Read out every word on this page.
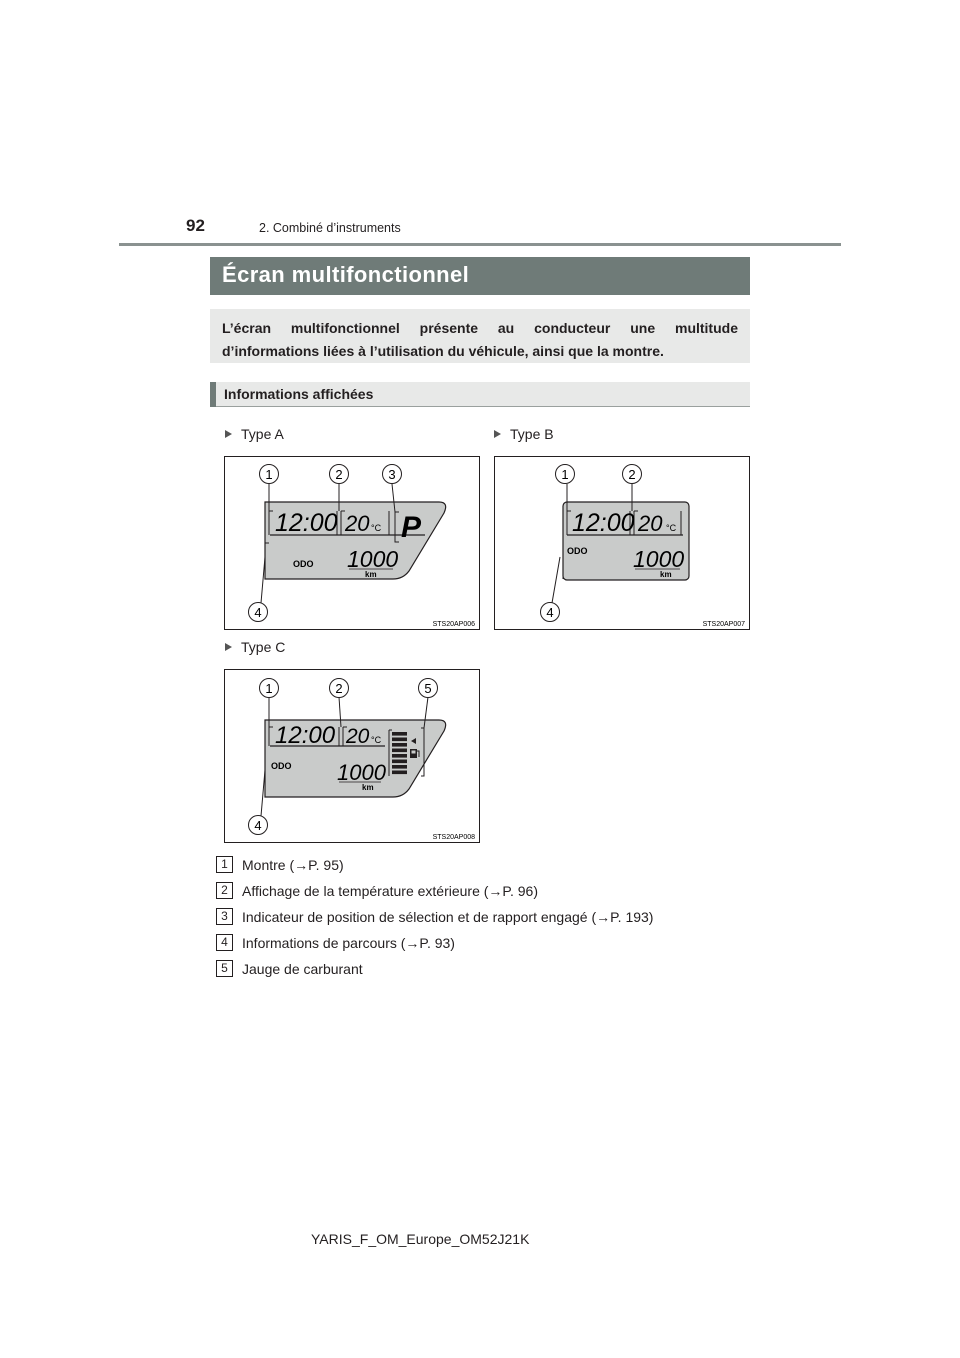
92	2. Combiné d’instruments
Écran multifonctionnel
L’écran multifonctionnel présente au conducteur une multitude d’informations liées à l’utilisation du véhicule, ainsi que la montre.
Informations affichées
Type A	Type B
Type C
12:00 20 °C P
ODO 1000
km
1	2	3
4
STS20AP006
12:00 20 °C
ODO 1000
km
1	2
4
STS20AP007
12:00 20 °C
ODO 1000
km
1	2	5
4
STS20AP008
1	Montre (→P. 95)
2	Affichage de la température extérieure (→P. 96)
3	Indicateur de position de sélection et de rapport engagé (→P. 193)
4	Informations de parcours (→P. 93)
5	Jauge de carburant
YARIS_F_OM_Europe_OM52J21K
